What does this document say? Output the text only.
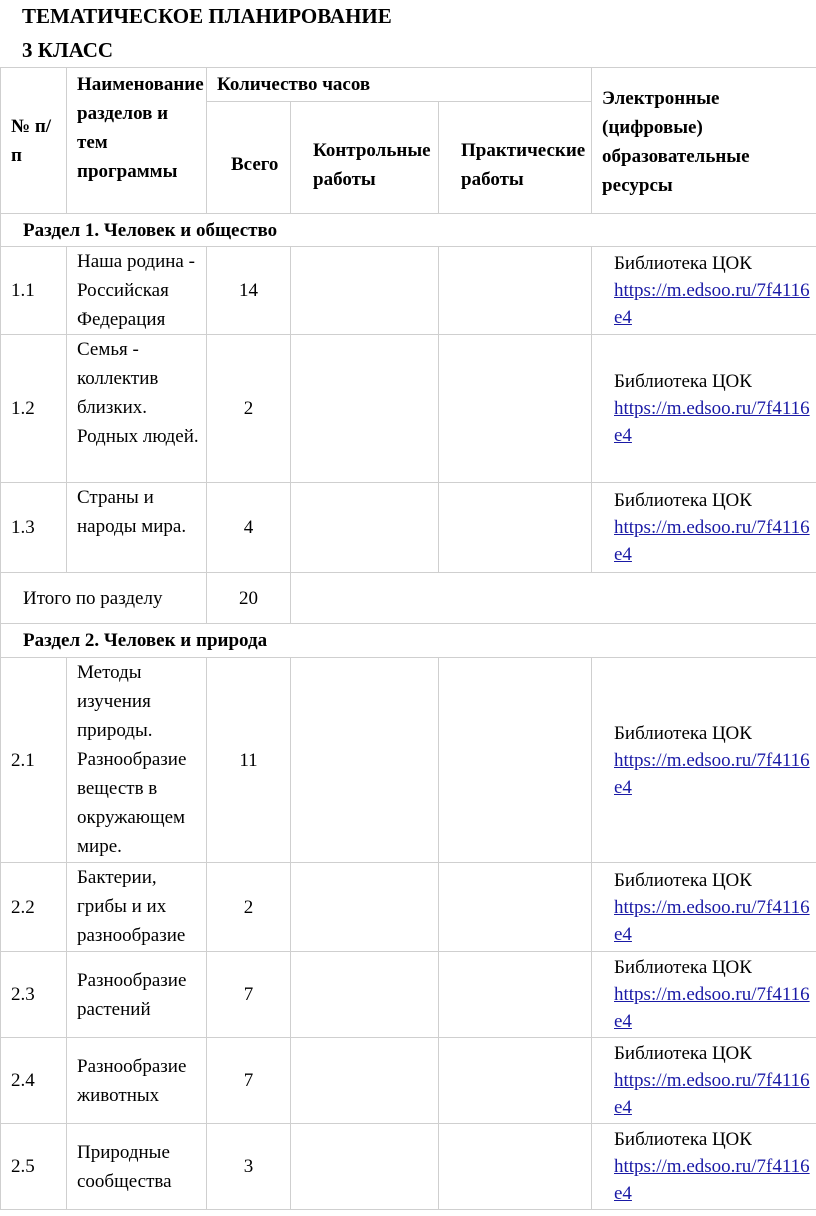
ТЕМАТИЧЕСКОЕ ПЛАНИРОВАНИЕ
3 КЛАСС
№ п/п	Наименование разделов и тем программы	Количество часов			Электронные (цифровые) образовательные ресурсы
		Всего	Контрольные работы	Практические работы	
Раздел 1. Человек и общество					
1.1	Наша родина - Российская Федерация	14			Библиотека ЦОК
https://m.edsoo.ru/7f4116e4

1.2	Семья - коллектив близких. Родных людей.	2			Библиотека ЦОК
https://m.edsoo.ru/7f4116e4

1.3	Страны и народы мира.	4			Библиотека ЦОК
https://m.edsoo.ru/7f4116e4

Итого по разделу		20			
Раздел 2. Человек и природа					
2.1	Методы изучения природы. Разнообразие веществ в окружающем мире.	11			Библиотека ЦОК
https://m.edsoo.ru/7f4116e4

2.2	Бактерии, грибы и их разнообразие	2			Библиотека ЦОК
https://m.edsoo.ru/7f4116e4

2.3	Разнообразие растений	7			Библиотека ЦОК
https://m.edsoo.ru/7f4116e4

2.4	Разнообразие животных	7			Библиотека ЦОК
https://m.edsoo.ru/7f4116e4

2.5	Природные сообщества	3			Библиотека ЦОК
https://m.edsoo.ru/7f4116e4
